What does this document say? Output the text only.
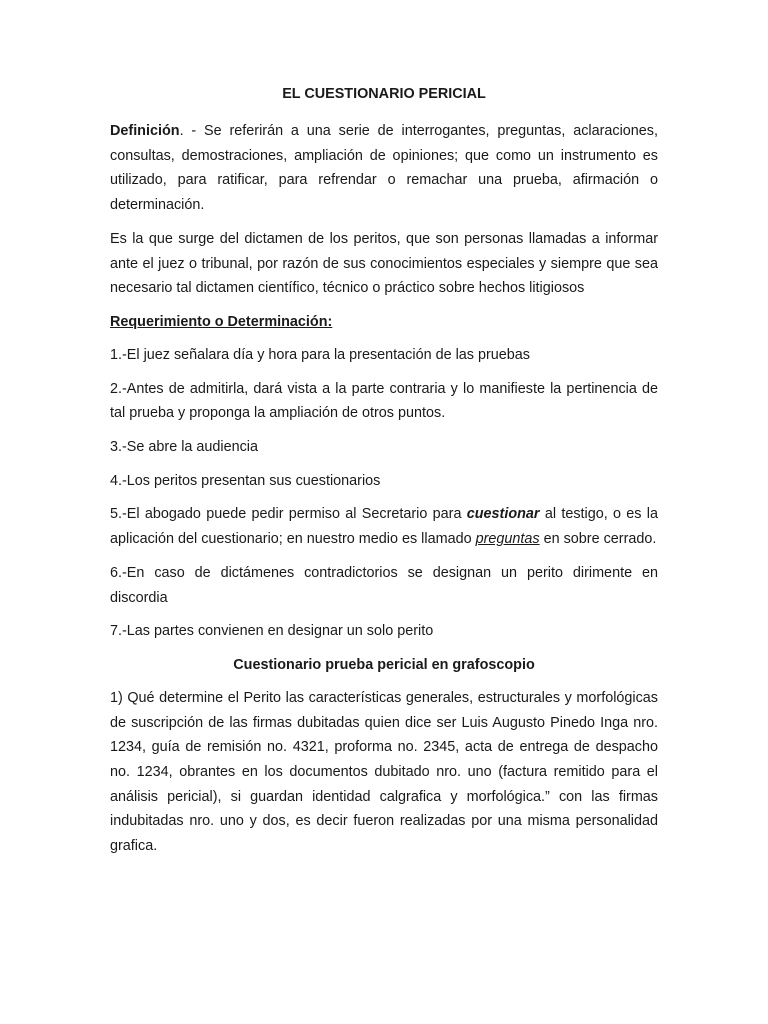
EL CUESTIONARIO PERICIAL

Definición. - Se referirán a una serie de interrogantes, preguntas, aclaraciones, consultas, demostraciones, ampliación de opiniones; que como un instrumento es utilizado, para ratificar, para refrendar o remachar una prueba, afirmación o determinación.

Es la que surge del dictamen de los peritos, que son personas llamadas a informar ante el juez o tribunal, por razón de sus conocimientos especiales y siempre que sea necesario tal dictamen científico, técnico o práctico sobre hechos litigiosos

Requerimiento o Determinación:

1.-El juez señalara día y hora para la presentación de las pruebas

2.-Antes de admitirla, dará vista a la parte contraria y lo manifieste la pertinencia de tal prueba y proponga la ampliación de otros puntos.

3.-Se abre la audiencia

4.-Los peritos presentan sus cuestionarios

5.-El abogado puede pedir permiso al Secretario para cuestionar al testigo, o es la aplicación del cuestionario; en nuestro medio es llamado preguntas en sobre cerrado.

6.-En caso de dictámenes contradictorios se designan un perito dirimente en discordia

7.-Las partes convienen en designar un solo perito

Cuestionario prueba pericial en grafoscopio

1) Qué determine el Perito las características generales, estructurales y morfológicas de suscripción de las firmas dubitadas quien dice ser Luis Augusto Pinedo Inga nro. 1234, guía de remisión no. 4321, proforma no. 2345, acta de entrega de despacho no. 1234, obrantes en los documentos dubitado nro. uno (factura remitido para el análisis pericial), si guardan identidad calgrafica y morfológica.” con las firmas indubitadas nro. uno y dos, es decir fueron realizadas por una misma personalidad grafica.
